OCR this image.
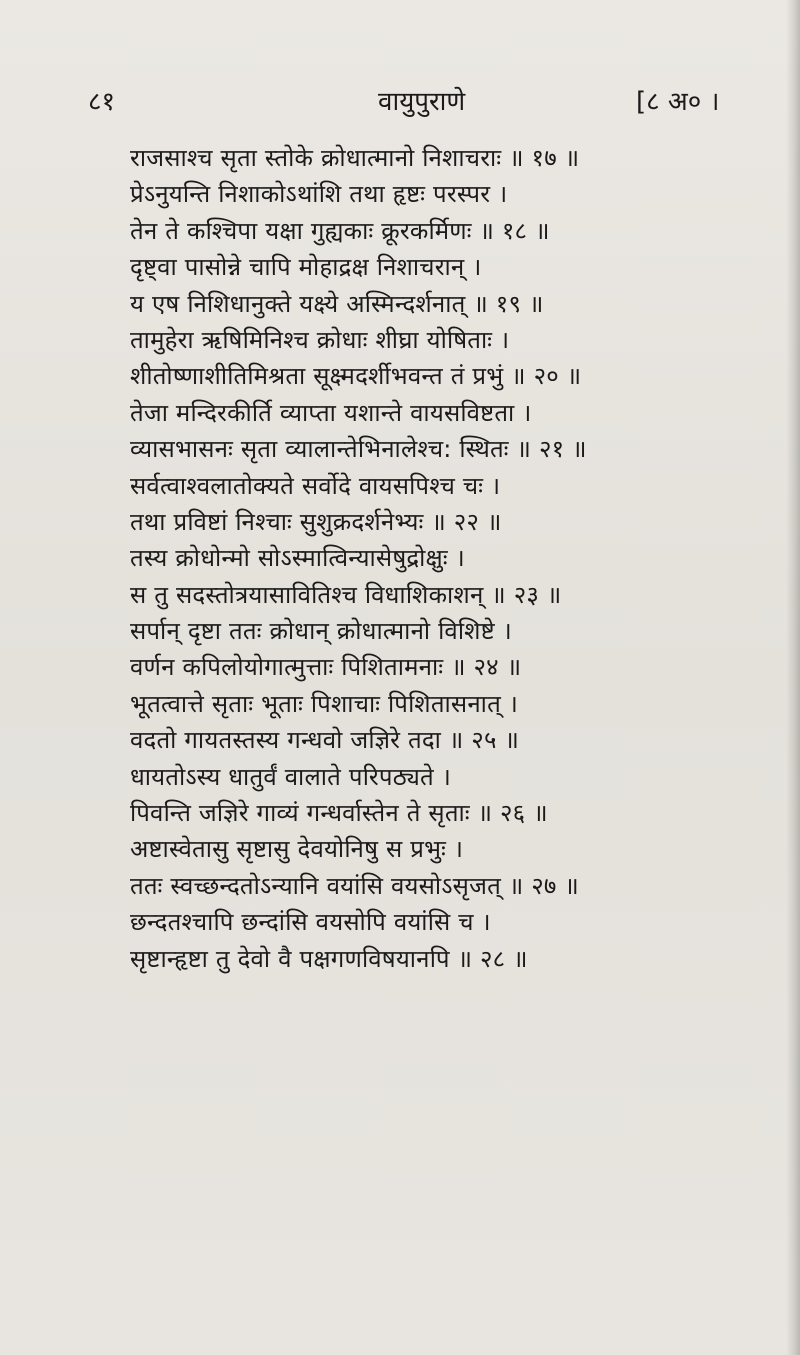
८१	वायुपुराणे	[८ अ० ।
राजसाश्च सृता स्तोके क्रोधात्मानो निशाचराः ॥ १७ ॥
प्रेऽनुयन्ति निशाकोऽथांशि तथा हृष्टः परस्पर ।
तेन ते कश्चिपा यक्षा गुह्यकाः क्रूरकर्मिणः ॥ १८ ॥
दृष्ट्वा पासोन्ने चापि मोहाद्रक्ष निशाचरान् ।
य एष निशिधानुक्ते यक्ष्ये अस्मिन्दर्शनात् ॥ १९ ॥
तामुहेरा ऋषिमिनिश्च क्रोधाः शीघ्रा योषिताः ।
शीतोष्णाशीतिमिश्रता सूक्ष्मदर्शीभवन्त तं प्रभुं ॥ २० ॥
तेजा मन्दिरकीर्ति व्याप्ता यशान्ते वायसविष्टता ।
व्यासभासनः सृता व्यालान्तेभिनालेश्च: स्थितः ॥ २१ ॥
सर्वत्वाश्वलातोक्यते सर्वोदे वायसपिश्च चः ।
तथा प्रविष्टां निश्चाः सुशुक्रदर्शनेभ्यः ॥ २२ ॥
तस्य क्रोधोन्मो सोऽस्मात्विन्यासेषुद्रोक्षुः ।
स तु सदस्तोत्रयासावितिश्च विधाशिकाशन् ॥ २३ ॥
सर्पान् दृष्टा ततः क्रोधान् क्रोधात्मानो विशिष्टे ।
वर्णन कपिलोयोगात्मुत्ताः पिशितामनाः ॥ २४ ॥
भूतत्वात्ते सृताः भूताः पिशाचाः पिशितासनात् ।
वदतो गायतस्तस्य गन्धवो जज्ञिरे तदा ॥ २५ ॥
धायतोऽस्य धातुर्वं वालाते परिपठ्यते ।
पिवन्ति जज्ञिरे गाव्यं गन्धर्वास्तेन ते सृताः ॥ २६ ॥
अष्टास्वेतासु सृष्टासु देवयोनिषु स प्रभुः ।
ततः स्वच्छन्दतोऽन्यानि वयांसि वयसोऽसृजत् ॥ २७ ॥
छन्दतश्चापि छन्दांसि वयसोपि वयांसि च ।
सृष्टान्हृष्टा तु देवो वै पक्षगणविषयानपि ॥ २८ ॥
